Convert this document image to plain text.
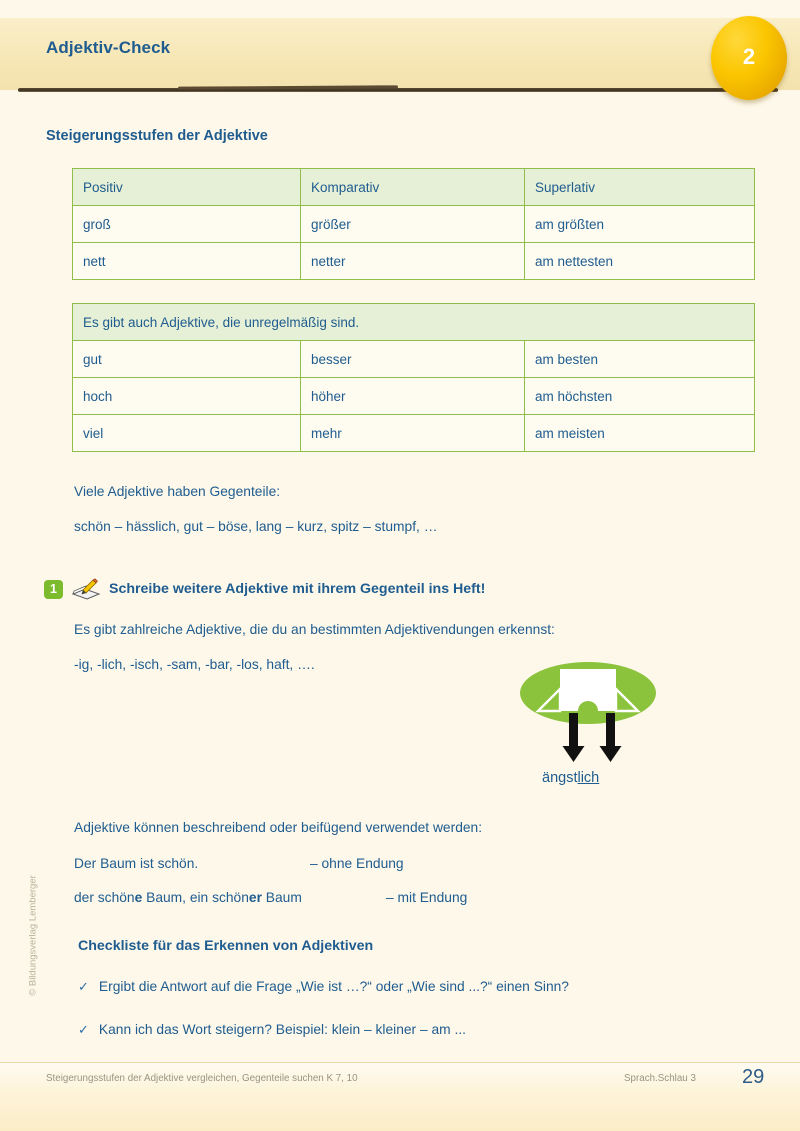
Adjektiv-Check	2
Steigerungsstufen der Adjektive
Positiv	Komparativ	Superlativ
groß	größer	am größten
nett	netter	am nettesten
Es gibt auch Adjektive, die unregelmäßig sind.		
gut	besser	am besten
hoch	höher	am höchsten
viel	mehr	am meisten
Viele Adjektive haben Gegenteile:
schön – hässlich, gut – böse, lang – kurz, spitz – stumpf, …
1	Schreibe weitere Adjektive mit ihrem Gegenteil ins Heft!
Es gibt zahlreiche Adjektive, die du an bestimmten Adjektivendungen erkennst:
-ig, -lich, -isch, -sam, -bar, -los, haft, ….
ängstlich
Adjektive können beschreibend oder beifügend verwendet werden:
Der Baum ist schön.	– ohne Endung
der schöne Baum, ein schöner Baum	– mit Endung
Checkliste für das Erkennen von Adjektiven
✓ Ergibt die Antwort auf die Frage „Wie ist …?“ oder „Wie sind ...?“ einen Sinn?
✓ Kann ich das Wort steigern? Beispiel: klein – kleiner – am ...
© Bildungsverlag Lemberger
Steigerungsstufen der Adjektive vergleichen, Gegenteile suchen K 7, 10	Sprach.Schlau 3 29
